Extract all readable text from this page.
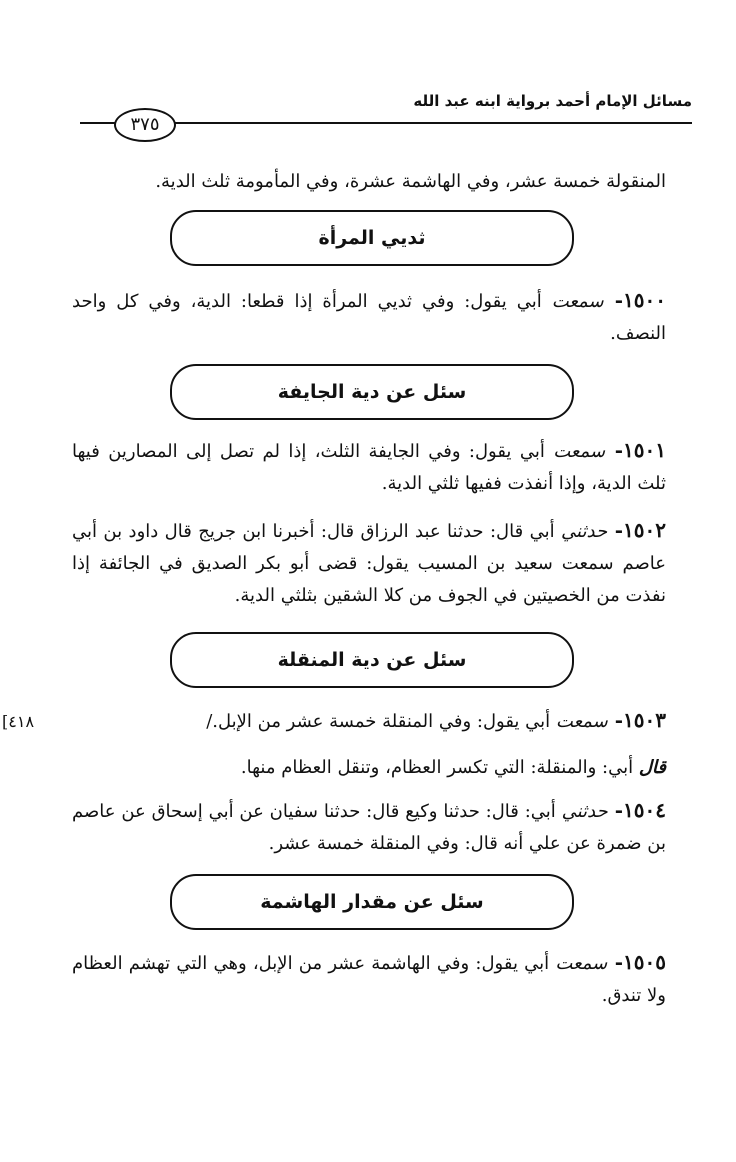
مسائل الإمام أحمد برواية ابنه عبد الله
٣٧٥
المنقولة خمسة عشر، وفي الهاشمة عشرة، وفي المأمومة ثلث الدية.
ثديي المرأة
١٥٠٠- سمعت أبي يقول: وفي ثديي المرأة إذا قطعا: الدية، وفي كل واحد النصف.
سئل عن دية الجايفة
١٥٠١- سمعت أبي يقول: وفي الجايفة الثلث، إذا لم تصل إلى المصارين فيها ثلث الدية، وإذا أنفذت ففيها ثلثي الدية.
١٥٠٢- حدثني أبي قال: حدثنا عبد الرزاق قال: أخبرنا ابن جريج قال داود بن أبي عاصم سمعت سعيد بن المسيب يقول: قضى أبو بكر الصديق في الجائفة إذا نفذت من الخصيتين في الجوف من كلا الشقين بثلثي الدية.
سئل عن دية المنقلة
١٥٠٣- سمعت أبي يقول: وفي المنقلة خمسة عشر من الإبل./
[٤١٨
قال أبي: والمنقلة: التي تكسر العظام، وتنقل العظام منها.
١٥٠٤- حدثني أبي: قال: حدثنا وكيع قال: حدثنا سفيان عن أبي إسحاق عن عاصم بن ضمرة عن علي أنه قال: وفي المنقلة خمسة عشر.
سئل عن مقدار الهاشمة
١٥٠٥- سمعت أبي يقول: وفي الهاشمة عشر من الإبل، وهي التي تهشم العظام ولا تندق.
